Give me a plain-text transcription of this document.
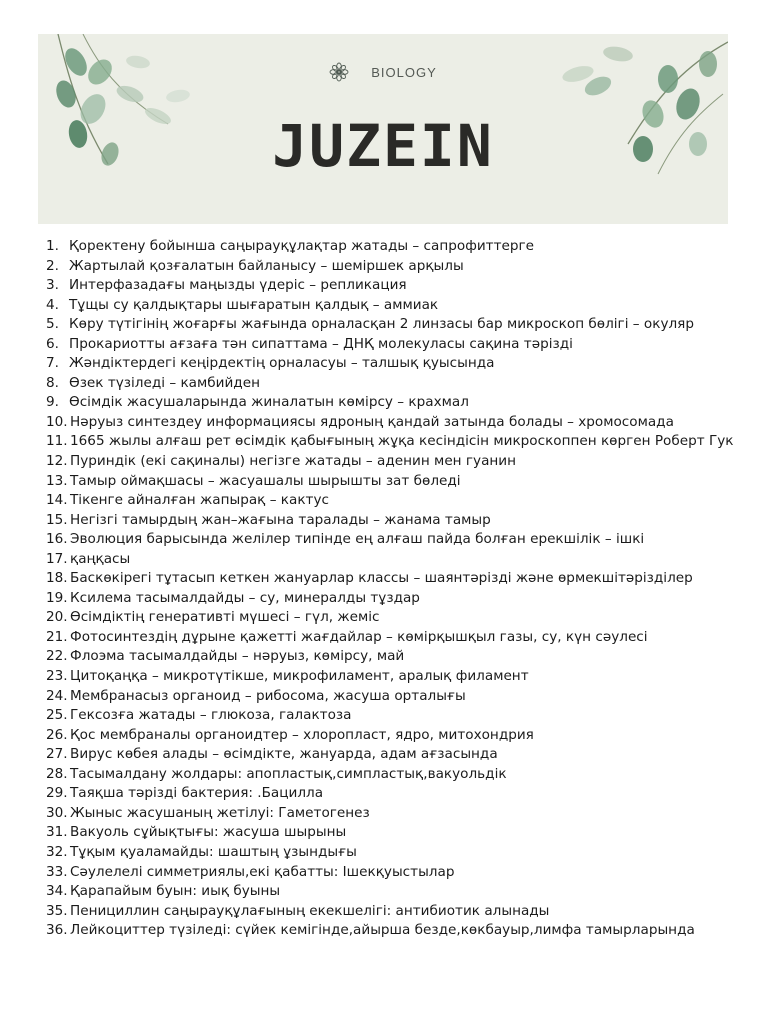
BIOLOGY
JUZEIN
1. Қоректену бойынша саңырауқұлақтар жатады – сапрофиттерге
2. Жартылай қозғалатын байланысу – шеміршек арқылы
3. Интерфазадағы маңызды үдеріс – репликация
4. Тұщы су қалдықтары шығаратын қалдық – аммиак
5. Көру түтігінің жоғарғы жағында орналасқан 2 линзасы бар микроскоп бөлігі – окуляр
6. Прокариотты ағзаға тән сипаттама – ДНҚ молекуласы сақина тәрізді
7. Жәндіктердегі кеңірдектің орналасуы – талшық қуысында
8. Өзек түзіледі – камбийден
9. Өсімдік жасушаларында жиналатын көмірсу – крахмал
10. Нәруыз синтездеу информациясы ядроның қандай затында болады – хромосомада
11. 1665 жылы алғаш рет өсімдік қабығының жұқа кесіндісін микроскоппен көрген Роберт Гук
12. Пуриндік (екі сақиналы) негізге жатады – аденин мен гуанин
13. Тамыр оймақшасы – жасуашалы шырышты зат бөледі
14. Тікенге айналған жапырақ – кактус
15. Негізгі тамырдың жан–жағына таралады – жанама тамыр
16. Эволюция барысында желілер типінде ең алғаш пайда болған ерекшілік – ішкі
17. қаңқасы
18. Бaскөкірегі тұтасып кеткен жануарлар классы – шаянтәрізді және өрмекшітәрізділер
19. Ксилема тасымалдайды – су, минералды тұздар
20. Өсімдіктің генеративті мүшесі – гүл, жеміс
21. Фотосинтездің дұрыне қажетті жағдайлар – көмірқышқыл газы, су, күн сәулесі
22. Флоэма тасымалдайды – нәруыз, көмірсу, май
23. Цитоқаңқа – микротүтікше, микрофиламент, аралық филамент
24. Мембранасыз органоид – рибосома, жасуша орталығы
25. Гексозға жатады – глюкоза, галактоза
26. Қос мембраналы органоидтер – хлоропласт, ядро, митохондрия
27. Вирус көбея алады – өсімдікте, жануарда, адам ағзасында
28. Тасымалдану жолдары: апопластық,симпластық,вакуольдік
29. Таяқша тәрізді бактерия: .Бацилла
30. Жыныс жасушаның жетілуі: Гаметогенез
31. Вакуоль сұйықтығы: жасуша шырыны
32. Тұқым қуаламайды: шаштың ұзындығы
33. Сәулелелі симметриялы,екі қабатты: Ішекқуыстылар
34. Қарапайым буын: иық буыны
35. Пенициллин саңырауқұлағының екекшелігі: антибиотик алынады
36. Лейкоциттер түзіледі: сүйек кемігінде,айырша безде,көкбауыр,лимфа тамырларында
